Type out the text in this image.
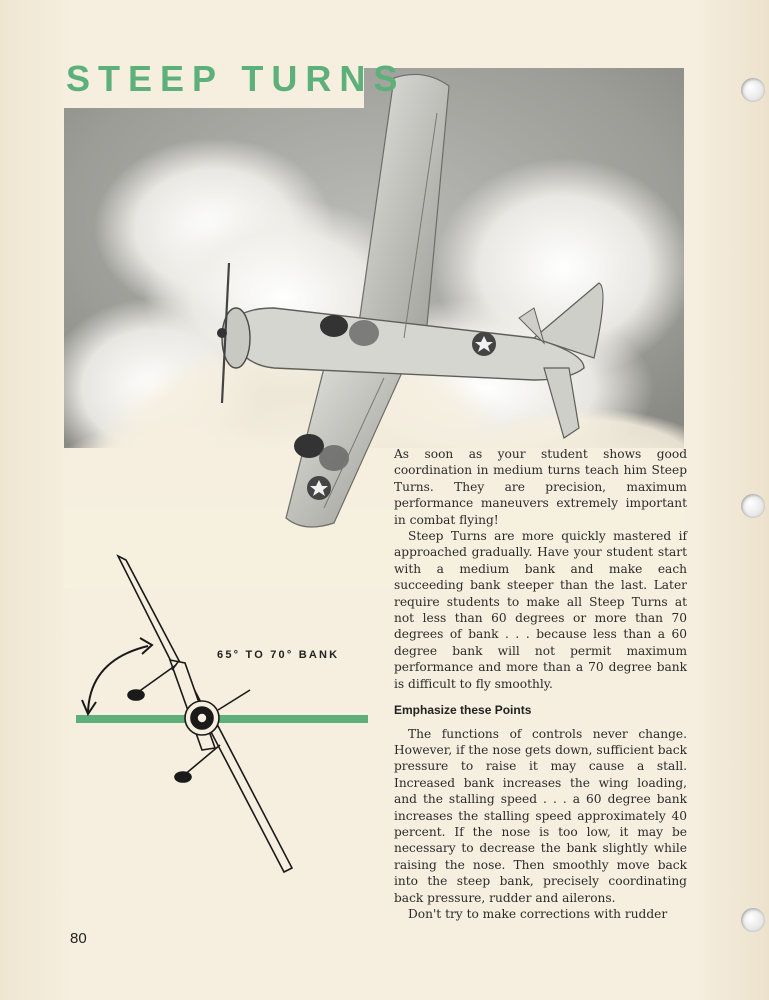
STEEP TURNS
65° TO 70° BANK

As soon as your student shows good coordination in medium turns teach him Steep Turns. They are precision, maximum performance maneuvers extremely important in combat flying!

Steep Turns are more quickly mastered if approached gradually. Have your student start with a medium bank and make each succeeding bank steeper than the last. Later require students to make all Steep Turns at not less than 60 degrees or more than 70 degrees of bank . . . because less than a 60 degree bank will not permit maximum performance and more than a 70 degree bank is difficult to fly smoothly.

Emphasize these Points

The functions of controls never change. However, if the nose gets down, sufficient back pressure to raise it may cause a stall. Increased bank increases the wing loading, and the stalling speed . . . a 60 degree bank increases the stalling speed approximately 40 percent. If the nose is too low, it may be necessary to decrease the bank slightly while raising the nose. Then smoothly move back into the steep bank, precisely coordinating back pressure, rudder and ailerons.

Don't try to make corrections with rudder

80
